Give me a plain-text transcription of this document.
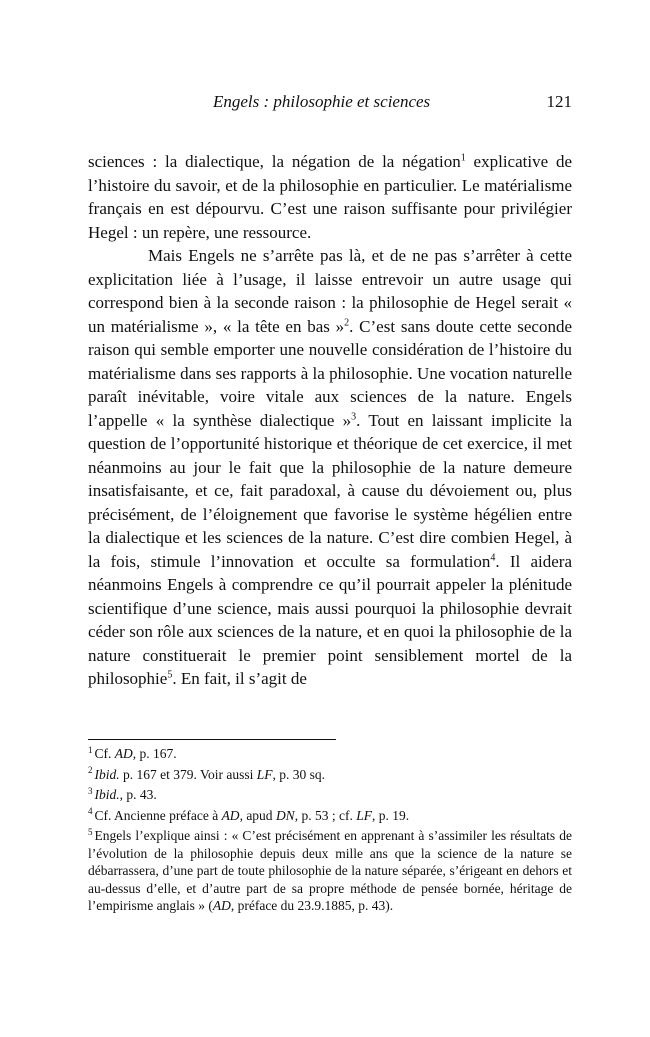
Engels : philosophie et sciences	121

sciences : la dialectique, la négation de la négation$^1$ explicative de l’histoire du savoir, et de la philosophie en particulier. Le matérialisme français en est dépourvu. C’est une raison suffisante pour privilégier Hegel : un repère, une ressource.

Mais Engels ne s’arrête pas là, et de ne pas s’arrêter à cette explicitation liée à l’usage, il laisse entrevoir un autre usage qui correspond bien à la seconde raison : la philosophie de Hegel serait « un matérialisme », « la tête en bas »$^2$. C’est sans doute cette seconde raison qui semble emporter une nouvelle considération de l’histoire du matérialisme dans ses rapports à la philosophie. Une vocation naturelle paraît inévitable, voire vitale aux sciences de la nature. Engels l’appelle « la synthèse dialectique »$^3$. Tout en laissant implicite la question de l’opportunité historique et théorique de cet exercice, il met néanmoins au jour le fait que la philosophie de la nature demeure insatisfaisante, et ce, fait paradoxal, à cause du dévoiement ou, plus précisément, de l’éloignement que favorise le système hégélien entre la dialectique et les sciences de la nature. C’est dire combien Hegel, à la fois, stimule l’innovation et occulte sa formulation$^4$. Il aidera néanmoins Engels à comprendre ce qu’il pourrait appeler la plénitude scientifique d’une science, mais aussi pourquoi la philosophie devrait céder son rôle aux sciences de la nature, et en quoi la philosophie de la nature constituerait le premier point sensiblement mortel de la philosophie$^5$. En fait, il s’agit de

$^1$ Cf. AD, p. 167.
$^2$ Ibid. p. 167 et 379. Voir aussi LF, p. 30 sq.
$^3$ Ibid., p. 43.
$^4$ Cf. Ancienne préface à AD, apud DN, p. 53 ; cf. LF, p. 19.
$^5$ Engels l’explique ainsi : « C’est précisément en apprenant à s’assimiler les résultats de l’évolution de la philosophie depuis deux mille ans que la science de la nature se débarrassera, d’une part de toute philosophie de la nature séparée, s’érigeant en dehors et au-dessus d’elle, et d’autre part de sa propre méthode de pensée bornée, héritage de l’empirisme anglais » (AD, préface du 23.9.1885, p. 43).
